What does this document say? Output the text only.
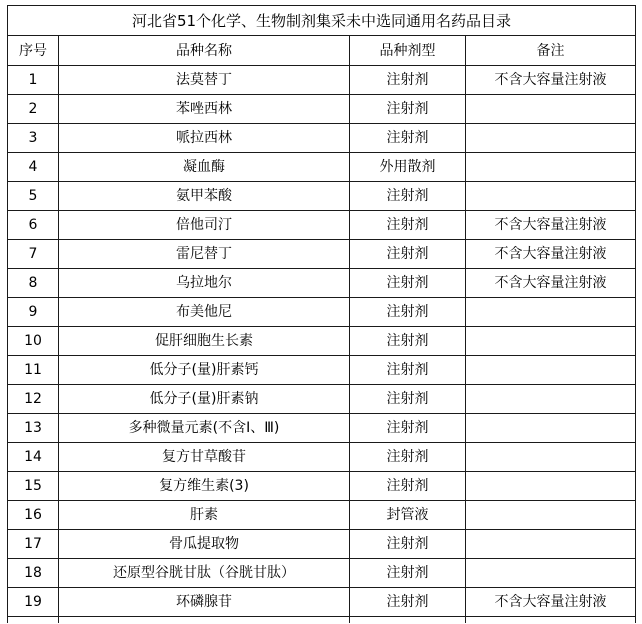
河北省51个化学、生物制剂集采未中选同通用名药品目录			
序号	品种名称	品种剂型	备注
1	法莫替丁	注射剂	不含大容量注射液
2	苯唑西林	注射剂	
3	哌拉西林	注射剂	
4	凝血酶	外用散剂	
5	氨甲苯酸	注射剂	
6	倍他司汀	注射剂	不含大容量注射液
7	雷尼替丁	注射剂	不含大容量注射液
8	乌拉地尔	注射剂	不含大容量注射液
9	布美他尼	注射剂	
10	促肝细胞生长素	注射剂	
11	低分子(量)肝素钙	注射剂	
12	低分子(量)肝素钠	注射剂	
13	多种微量元素(不含Ⅰ、Ⅲ)	注射剂	
14	复方甘草酸苷	注射剂	
15	复方维生素(3)	注射剂	
16	肝素	封管液	
17	骨瓜提取物	注射剂	
18	还原型谷胱甘肽（谷胱甘肽）	注射剂	
19	环磷腺苷	注射剂	不含大容量注射液
